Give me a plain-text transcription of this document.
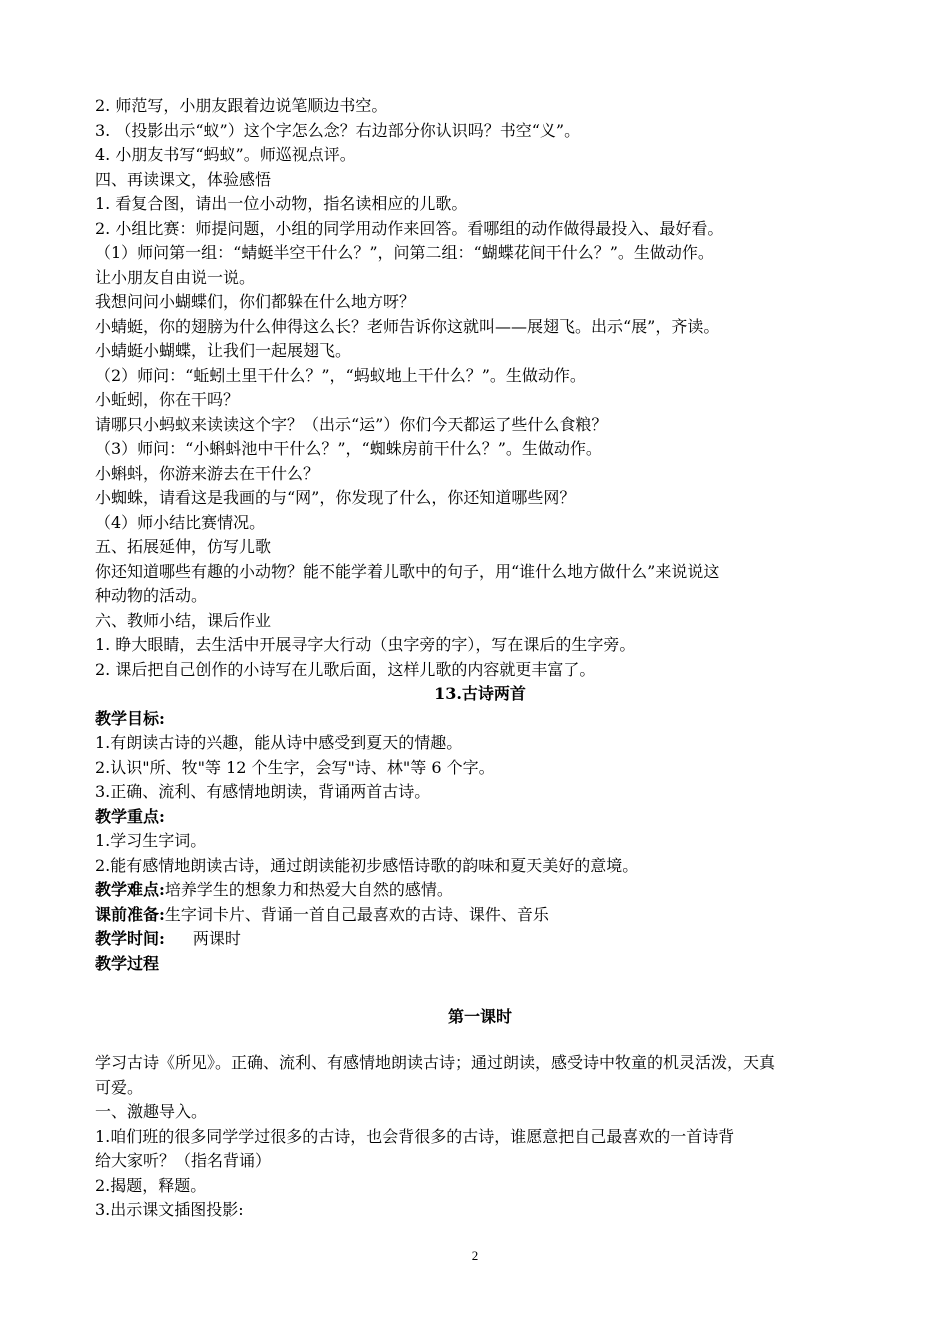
2. 师范写，小朋友跟着边说笔顺边书空。
3. （投影出示“蚁”）这个字怎么念？右边部分你认识吗？书空“义”。
4. 小朋友书写“蚂蚁”。师巡视点评。
四、再读课文，体验感悟
1. 看复合图，请出一位小动物，指名读相应的儿歌。
2. 小组比赛：师提问题，小组的同学用动作来回答。看哪组的动作做得最投入、最好看。
（1）师问第一组：“蜻蜓半空干什么？”，问第二组：“蝴蝶花间干什么？”。生做动作。
让小朋友自由说一说。
我想问问小蝴蝶们，你们都躲在什么地方呀？
小蜻蜓，你的翅膀为什么伸得这么长？老师告诉你这就叫——展翅飞。出示“展”，齐读。
小蜻蜓小蝴蝶，让我们一起展翅飞。
（2）师问：“蚯蚓土里干什么？”，“蚂蚁地上干什么？”。生做动作。
小蚯蚓，你在干吗？
请哪只小蚂蚁来读读这个字？（出示“运”）你们今天都运了些什么食粮？
（3）师问：“小蝌蚪池中干什么？”，“蜘蛛房前干什么？”。生做动作。
小蝌蚪，你游来游去在干什么？
小蜘蛛，请看这是我画的与“网”，你发现了什么，你还知道哪些网？
（4）师小结比赛情况。
五、拓展延伸，仿写儿歌
你还知道哪些有趣的小动物？能不能学着儿歌中的句子，用“谁什么地方做什么”来说说这
种动物的活动。
六、教师小结，课后作业
1. 睁大眼睛，去生活中开展寻字大行动（虫字旁的字），写在课后的生字旁。
2. 课后把自己创作的小诗写在儿歌后面，这样儿歌的内容就更丰富了。
13.古诗两首
教学目标:
1.有朗读古诗的兴趣，能从诗中感受到夏天的情趣。
2.认识"所、牧"等 12 个生字，会写"诗、林"等 6 个字。
3.正确、流利、有感情地朗读，背诵两首古诗。
教学重点:
1.学习生字词。
2.能有感情地朗读古诗，通过朗读能初步感悟诗歌的韵味和夏天美好的意境。
教学难点:培养学生的想象力和热爱大自然的感情。
课前准备:生字词卡片、背诵一首自己最喜欢的古诗、课件、音乐
教学时间: 两课时
教学过程
第一课时
学习古诗《所见》。正确、流利、有感情地朗读古诗；通过朗读，感受诗中牧童的机灵活泼，天真
可爱。
一、激趣导入。
1.咱们班的很多同学学过很多的古诗，也会背很多的古诗，谁愿意把自己最喜欢的一首诗背
给大家听？（指名背诵）
2.揭题，释题。
3.出示课文插图投影:
2
